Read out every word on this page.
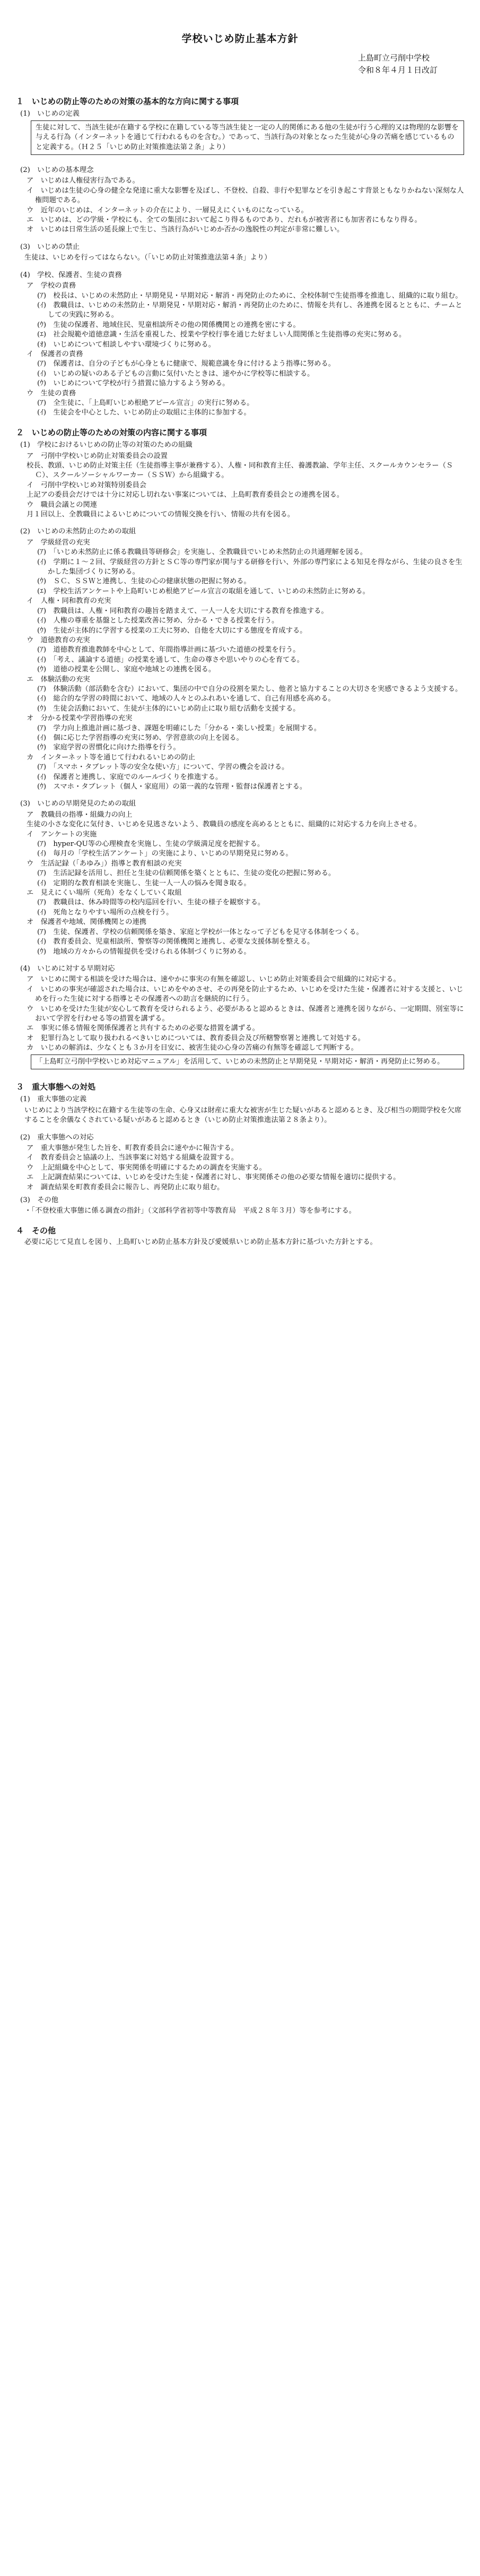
学校いじめ防止基本方針
上島町立弓削中学校
令和８年４月１日改訂
１　いじめの防止等のための対策の基本的な方向に関する事項
(1)　いじめの定義
生徒に対して、当該生徒が在籍する学校に在籍している等当該生徒と一定の人的関係にある他の生徒が行う心理的又は物理的な影響を与える行為（インターネットを通じて行われるものを含む。）であって、当該行為の対象となった生徒が心身の苦痛を感じているものと定義する。（Ｈ２５「いじめ防止対策推進法第２条」より）
(2)　いじめの基本理念
ア　いじめは人権侵害行為である。
イ　いじめは生徒の心身の健全な発達に重大な影響を及ぼし、不登校、自殺、非行や犯罪などを引き起こす背景ともなりかねない深刻な人権問題である。
ウ　近年のいじめは、インターネットの介在により、一層見えにくいものになっている。
エ　いじめは、どの学級・学校にも、全ての集団において起こり得るものであり、だれもが被害者にも加害者にもなり得る。
オ　いじめは日常生活の延長線上で生じ、当該行為がいじめか否かの逸脱性の判定が非常に難しい。
(3)　いじめの禁止
生徒は、いじめを行ってはならない。（「いじめ防止対策推進法第４条」より）
(4)　学校、保護者、生徒の責務
ア　学校の責務
(ｱ)　校長は、いじめの未然防止・早期発見・早期対応・解消・再発防止のために、全校体制で生徒指導を推進し、組織的に取り組む。
(ｲ)　教職員は、いじめの未然防止・早期発見・早期対応・解消・再発防止のために、情報を共有し、各連携を図るとともに、チームとしての実践に努める。
(ｳ)　生徒の保護者、地域住民、児童相談所その他の関係機関との連携を密にする。
(ｴ)　社会規範や道徳意識・生活を重視した、授業や学校行事を通じた好ましい人間関係と生徒指導の充実に努める。
(ｵ)　いじめについて相談しやすい環境づくりに努める。
イ　保護者の責務
(ｱ)　保護者は、自分の子どもが心身ともに健康で、規範意識を身に付けるよう指導に努める。
(ｲ)　いじめの疑いのある子どもの言動に気付いたときは、速やかに学校等に相談する。
(ｳ)　いじめについて学校が行う措置に協力するよう努める。
ウ　生徒の責務
(ｱ)　全生徒に、「上島町いじめ根絶アピール宣言」の実行に努める。
(ｲ)　生徒会を中心とした、いじめ防止の取組に主体的に参加する。
２　いじめの防止等のための対策の内容に関する事項
(1)　学校におけるいじめの防止等の対策のための組織
ア　弓削中学校いじめ防止対策委員会の設置
校長、教頭、いじめ防止対策主任（生徒指導主事が兼務する）、人権・同和教育主任、養護教諭、学年主任、スクールカウンセラー（ＳＣ）、スクールソーシャルワーカー（ＳＳＷ）から組織する。
イ　弓削中学校いじめ対策特別委員会
上記アの委員会だけでは十分に対応し切れない事案については、上島町教育委員会との連携を図る。
ウ　職員会議との関連
月１回以上、全教職員によるいじめについての情報交換を行い、情報の共有を図る。
(2)　いじめの未然防止のための取組
ア　学級経営の充実
(ｱ)　「いじめ未然防止に係る教職員等研修会」を実施し、全教職員でいじめ未然防止の共通理解を図る。
(ｲ)　学期に１～２回、学級経営の方針とＳＣ等の専門家が関与する研修を行い、外部の専門家による知見を得ながら、生徒の良さを生かした集団づくりに努める。
(ｳ)　ＳＣ、ＳＳＷと連携し、生徒の心の健康状態の把握に努める。
(ｴ)　学校生活アンケートや上島町いじめ根絶アピール宣言の取組を通して、いじめの未然防止に努める。
イ　人権・同和教育の充実
(ｱ)　教職員は、人権・同和教育の趣旨を踏まえて、一人一人を大切にする教育を推進する。
(ｲ)　人権の尊重を基盤とした授業改善に努め、分かる・できる授業を行う。
(ｳ)　生徒が主体的に学習する授業の工夫に努め、自他を大切にする態度を育成する。
ウ　道徳教育の充実
(ｱ)　道徳教育推進教師を中心として、年間指導計画に基づいた道徳の授業を行う。
(ｲ)　「考え、議論する道徳」の授業を通して、生命の尊さや思いやりの心を育てる。
(ｳ)　道徳の授業を公開し、家庭や地域との連携を図る。
エ　体験活動の充実
(ｱ)　体験活動（部活動を含む）において、集団の中で自分の役割を果たし、他者と協力することの大切さを実感できるよう支援する。
(ｲ)　総合的な学習の時間において、地域の人々とのふれあいを通して、自己有用感を高める。
(ｳ)　生徒会活動において、生徒が主体的にいじめ防止に取り組む活動を支援する。
オ　分かる授業や学習指導の充実
(ｱ)　学力向上推進計画に基づき、課題を明確にした「分かる・楽しい授業」を展開する。
(ｲ)　個に応じた学習指導の充実に努め、学習意欲の向上を図る。
(ｳ)　家庭学習の習慣化に向けた指導を行う。
カ　インターネット等を通じて行われるいじめの防止
(ｱ)　「スマホ・タブレット等の安全な使い方」について、学習の機会を設ける。
(ｲ)　保護者と連携し、家庭でのルールづくりを推進する。
(ｳ)　スマホ・タブレット（個人・家庭用）の第一義的な管理・監督は保護者とする。
(3)　いじめの早期発見のための取組
ア　教職員の指導・組織力の向上
生徒の小さな変化に気付き、いじめを見逃さないよう、教職員の感度を高めるとともに、組織的に対応する力を向上させる。
イ　アンケートの実施
(ｱ)　hyper-QU等の心理検査を実施し、生徒の学級満足度を把握する。
(ｲ)　毎月の「学校生活アンケート」の実施により、いじめの早期発見に努める。
ウ　生活記録（「あゆみ」）指導と教育相談の充実
(ｱ)　生活記録を活用し、担任と生徒の信頼関係を築くとともに、生徒の変化の把握に努める。
(ｲ)　定期的な教育相談を実施し、生徒一人一人の悩みを聞き取る。
エ　見えにくい場所（死角）をなくしていく取組
(ｱ)　教職員は、休み時間等の校内巡回を行い、生徒の様子を観察する。
(ｲ)　死角となりやすい場所の点検を行う。
オ　保護者や地域、関係機関との連携
(ｱ)　生徒、保護者、学校の信頼関係を築き、家庭と学校が一体となって子どもを見守る体制をつくる。
(ｲ)　教育委員会、児童相談所、警察等の関係機関と連携し、必要な支援体制を整える。
(ｳ)　地域の方々からの情報提供を受けられる体制づくりに努める。
(4)　いじめに対する早期対応
ア　いじめに関する相談を受けた場合は、速やかに事実の有無を確認し、いじめ防止対策委員会で組織的に対応する。
イ　いじめの事実が確認された場合は、いじめをやめさせ、その再発を防止するため、いじめを受けた生徒・保護者に対する支援と、いじめを行った生徒に対する指導とその保護者への助言を継続的に行う。
ウ　いじめを受けた生徒が安心して教育を受けられるよう、必要があると認めるときは、保護者と連携を図りながら、一定期間、別室等において学習を行わせる等の措置を講ずる。
エ　事実に係る情報を関係保護者と共有するための必要な措置を講ずる。
オ　犯罪行為として取り扱われるべきいじめについては、教育委員会及び所轄警察署と連携して対処する。
カ　いじめの解消は、少なくとも３か月を目安に、被害生徒の心身の苦痛の有無等を確認して判断する。
「上島町立弓削中学校いじめ対応マニュアル」を活用して、いじめの未然防止と早期発見・早期対応・解消・再発防止に努める。
３　重大事態への対処
(1)　重大事態の定義
いじめにより当該学校に在籍する生徒等の生命、心身又は財産に重大な被害が生じた疑いがあると認めるとき、及び相当の期間学校を欠席することを余儀なくされている疑いがあると認めるとき（いじめ防止対策推進法第２８条より）。
(2)　重大事態への対応
ア　重大事態が発生した旨を、町教育委員会に速やかに報告する。
イ　教育委員会と協議の上、当該事案に対処する組織を設置する。
ウ　上記組織を中心として、事実関係を明確にするための調査を実施する。
エ　上記調査結果については、いじめを受けた生徒・保護者に対し、事実関係その他の必要な情報を適切に提供する。
オ　調査結果を町教育委員会に報告し、再発防止に取り組む。
(3)　その他
・「不登校重大事態に係る調査の指針」（文部科学省初等中等教育局　平成２８年３月）等を参考にする。
４　その他
必要に応じて見直しを図り、上島町いじめ防止基本方針及び愛媛県いじめ防止基本方針に基づいた方針とする。
